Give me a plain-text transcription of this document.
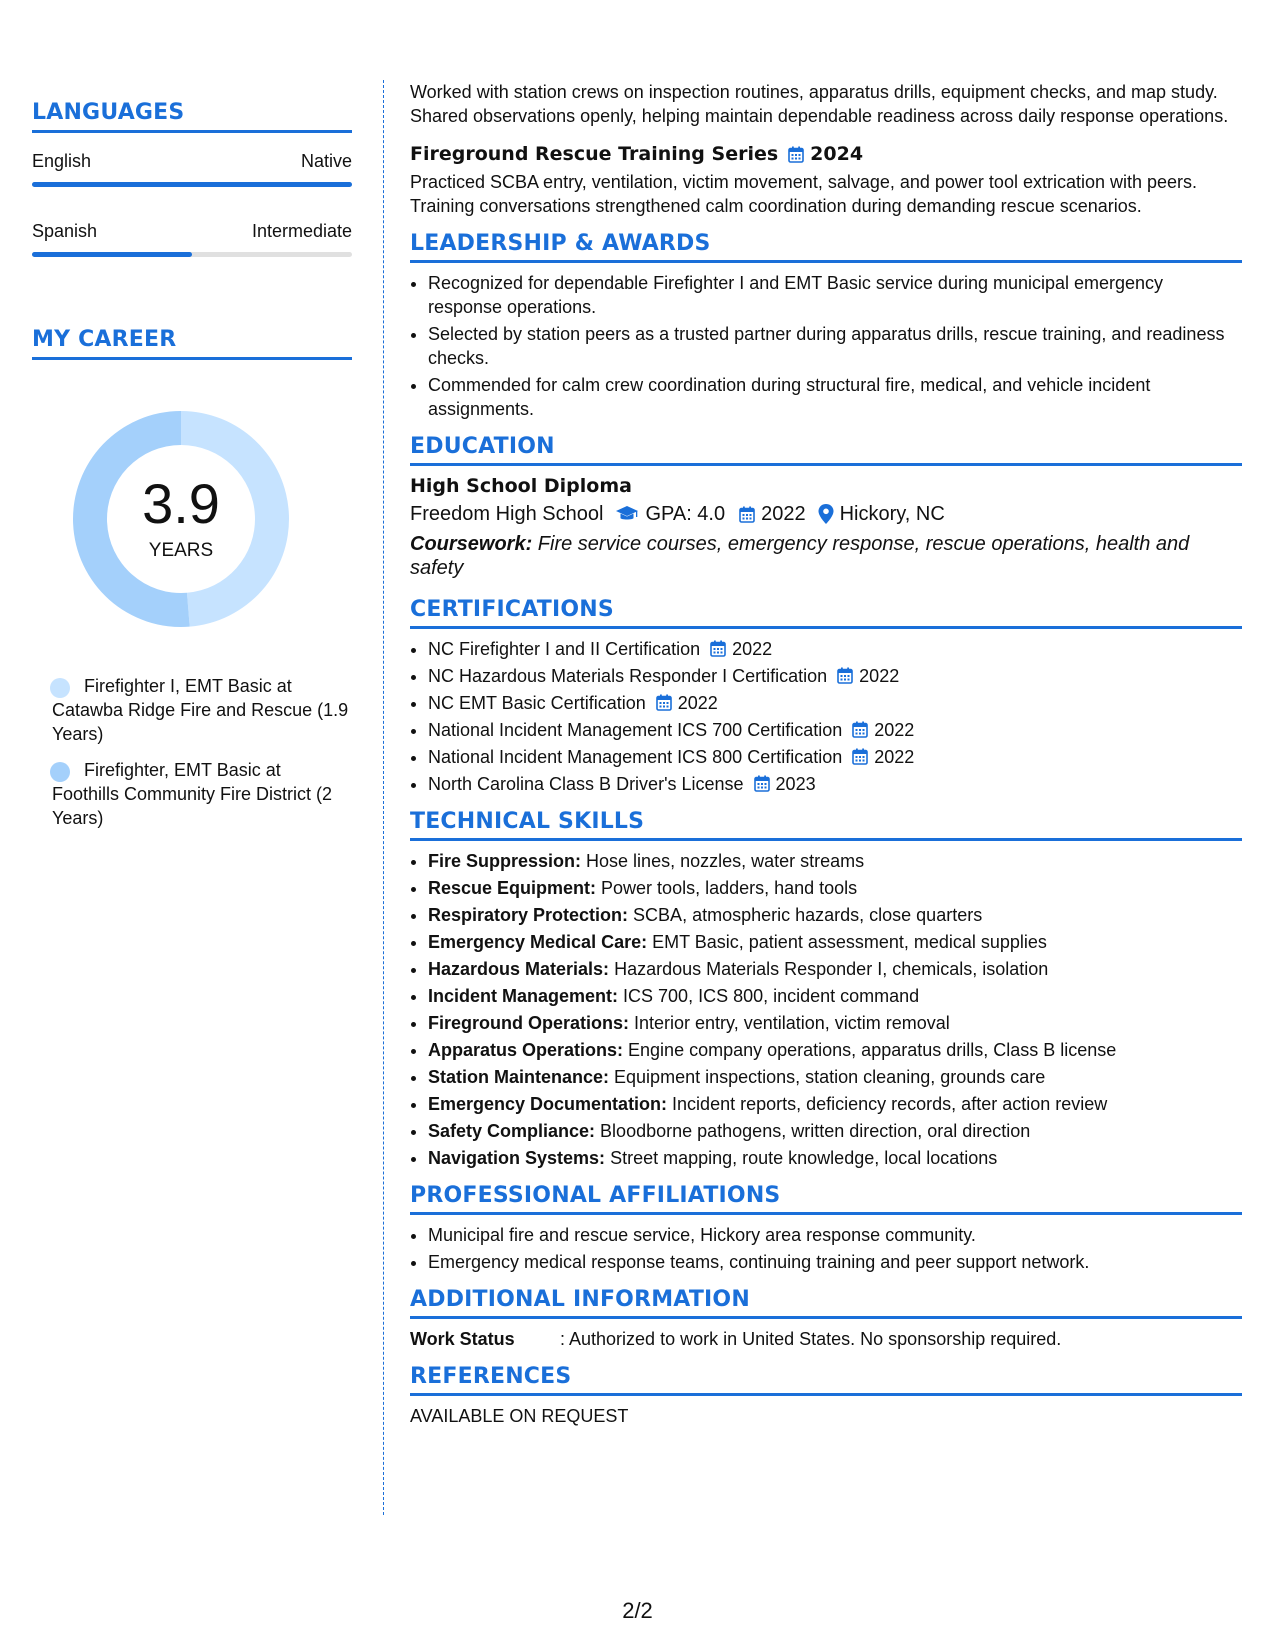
LANGUAGES
English	Native
Spanish	Intermediate
MY CAREER
3.9
YEARS
Firefighter I, EMT Basic at Catawba Ridge Fire and Rescue (1.9 Years)
Firefighter, EMT Basic at Foothills Community Fire District (2 Years)

Worked with station crews on inspection routines, apparatus drills, equipment checks, and map study. Shared observations openly, helping maintain dependable readiness across daily response operations.

Fireground Rescue Training Series 2024

Practiced SCBA entry, ventilation, victim movement, salvage, and power tool extrication with peers. Training conversations strengthened calm coordination during demanding rescue scenarios.

LEADERSHIP & AWARDS
• Recognized for dependable Firefighter I and EMT Basic service during municipal emergency response operations.
• Selected by station peers as a trusted partner during apparatus drills, rescue training, and readiness checks.
• Commended for calm crew coordination during structural fire, medical, and vehicle incident assignments.
EDUCATION
High School Diploma
Freedom High School GPA: 4.0 2022 Hickory, NC
Coursework: Fire service courses, emergency response, rescue operations, health and safety
CERTIFICATIONS
• NC Firefighter I and II Certification 2022
• NC Hazardous Materials Responder I Certification 2022
• NC EMT Basic Certification 2022
• National Incident Management ICS 700 Certification 2022
• National Incident Management ICS 800 Certification 2022
• North Carolina Class B Driver's License 2023
TECHNICAL SKILLS
• Fire Suppression: Hose lines, nozzles, water streams
• Rescue Equipment: Power tools, ladders, hand tools
• Respiratory Protection: SCBA, atmospheric hazards, close quarters
• Emergency Medical Care: EMT Basic, patient assessment, medical supplies
• Hazardous Materials: Hazardous Materials Responder I, chemicals, isolation
• Incident Management: ICS 700, ICS 800, incident command
• Fireground Operations: Interior entry, ventilation, victim removal
• Apparatus Operations: Engine company operations, apparatus drills, Class B license
• Station Maintenance: Equipment inspections, station cleaning, grounds care
• Emergency Documentation: Incident reports, deficiency records, after action review
• Safety Compliance: Bloodborne pathogens, written direction, oral direction
• Navigation Systems: Street mapping, route knowledge, local locations
PROFESSIONAL AFFILIATIONS
• Municipal fire and rescue service, Hickory area response community.
• Emergency medical response teams, continuing training and peer support network.
ADDITIONAL INFORMATION
Work Status	: Authorized to work in United States. No sponsorship required.
REFERENCES

AVAILABLE ON REQUEST

2/2
